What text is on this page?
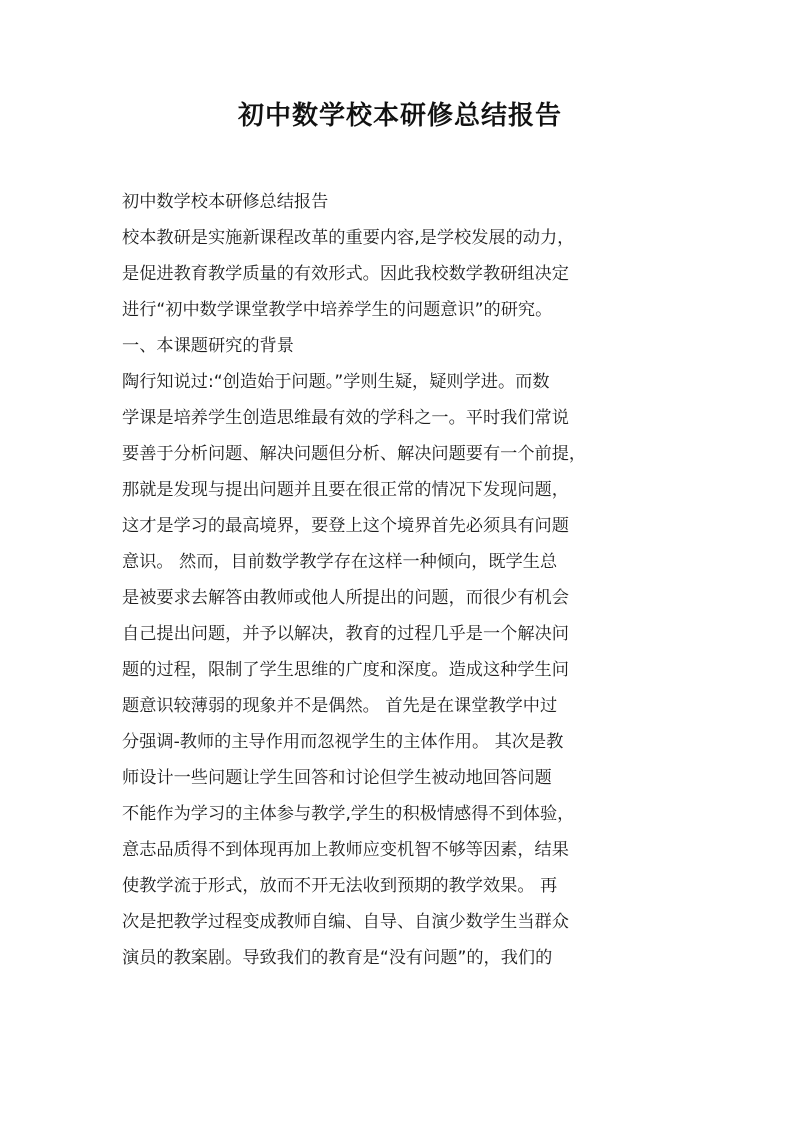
初中数学校本研修总结报告
初中数学校本研修总结报告
校本教研是实施新课程改革的重要内容,是学校发展的动力，
是促进教育教学质量的有效形式。因此我校数学教研组决定
进行“初中数学课堂教学中培养学生的问题意识”的研究。
一、本课题研究的背景
陶行知说过:“创造始于问题。”学则生疑，疑则学进。而数
学课是培养学生创造思维最有效的学科之一。平时我们常说
要善于分析问题、解决问题但分析、解决问题要有一个前提，
那就是发现与提出问题并且要在很正常的情况下发现问题，
这才是学习的最高境界，要登上这个境界首先必须具有问题
意识。 然而，目前数学教学存在这样一种倾向，既学生总
是被要求去解答由教师或他人所提出的问题，而很少有机会
自己提出问题，并予以解决，教育的过程几乎是一个解决问
题的过程，限制了学生思维的广度和深度。造成这种学生问
题意识较薄弱的现象并不是偶然。 首先是在课堂教学中过
分强调-教师的主导作用而忽视学生的主体作用。 其次是教
师设计一些问题让学生回答和讨论但学生被动地回答问题
不能作为学习的主体参与教学,学生的积极情感得不到体验，
意志品质得不到体现再加上教师应变机智不够等因素，结果
使教学流于形式，放而不开无法收到预期的教学效果。 再
次是把教学过程变成教师自编、自导、自演少数学生当群众
演员的教案剧。导致我们的教育是“没有问题”的，我们的
